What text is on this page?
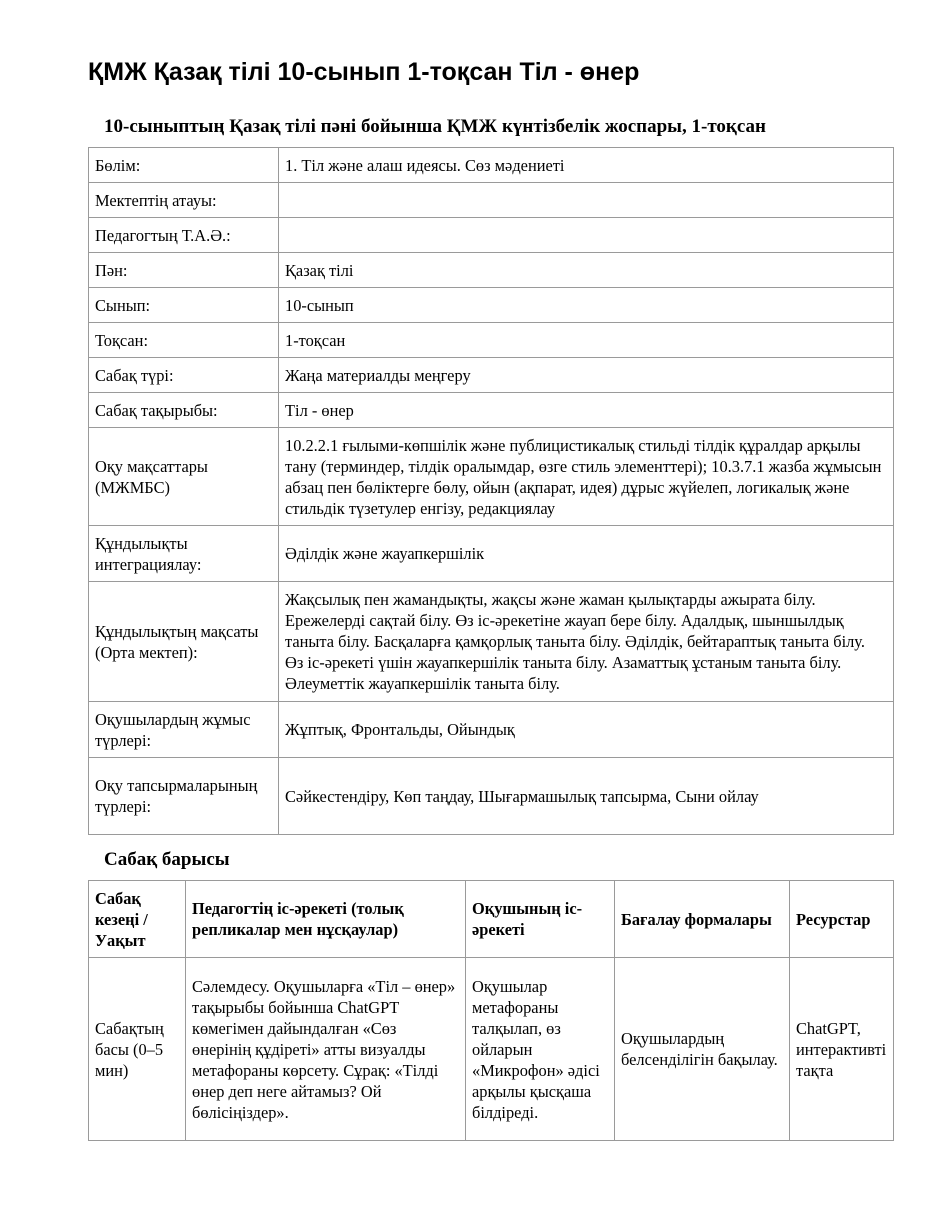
ҚМЖ Қазақ тілі 10-сынып 1-тоқсан Тіл - өнер
10-сыныптың Қазақ тілі пәні бойынша ҚМЖ күнтізбелік жоспары, 1-тоқсан
Бөлім:	1. Тіл және алаш идеясы. Сөз мәдениеті
Мектептің атауы:	
Педагогтың Т.А.Ә.:	
Пән:	Қазақ тілі
Сынып:	10-сынып
Тоқсан:	1-тоқсан
Сабақ түрі:	Жаңа материалды меңгеру
Сабақ тақырыбы:	Тіл - өнер
Оқу мақсаттары (МЖМБС)	10.2.2.1 ғылыми-көпшілік және публицистикалық стильді тілдік құралдар арқылы тану (терминдер, тілдік оралымдар, өзге стиль элементтері); 10.3.7.1 жазба жұмысын абзац пен бөліктерге бөлу, ойын (ақпарат, идея) дұрыс жүйелеп, логикалық және стильдік түзетулер енгізу, редакциялау
Құндылықты интеграциялау:	Әділдік және жауапкершілік
Құндылықтың мақсаты (Орта мектеп):	Жақсылық пен жамандықты, жақсы және жаман қылықтарды ажырата білу. Ережелерді сақтай білу. Өз іс-әрекетіне жауап бере білу. Адалдық, шыншылдық таныта білу. Басқаларға қамқорлық таныта білу. Әділдік, бейтараптық таныта білу. Өз іс-әрекеті үшін жауапкершілік таныта білу. Азаматтық ұстаным таныта білу. Әлеуметтік жауапкершілік таныта білу.
Оқушылардың жұмыс түрлері:	Жұптық, Фронтальды, Ойындық
Оқу тапсырмаларының түрлері:	Сәйкестендіру, Көп таңдау, Шығармашылық тапсырма, Сыни ойлау
Сабақ барысы
Сабақ кезеңі / Уақыт	Педагогтің іс-әрекеті (толық репликалар мен нұсқаулар)	Оқушының іс-әрекеті	Бағалау формалары	Ресурстар
Сабақтың басы (0–5 мин)	Сәлемдесу. Оқушыларға «Тіл – өнер» тақырыбы бойынша ChatGPT көмегімен дайындалған «Сөз өнерінің құдіреті» атты визуалды метафораны көрсету. Сұрақ: «Тілді өнер деп неге айтамыз? Ой бөлісіңіздер».	Оқушылар метафораны талқылап, өз ойларын «Микрофон» әдісі арқылы қысқаша білдіреді.	Оқушылардың белсенділігін бақылау.	ChatGPT, интерактивті тақта
